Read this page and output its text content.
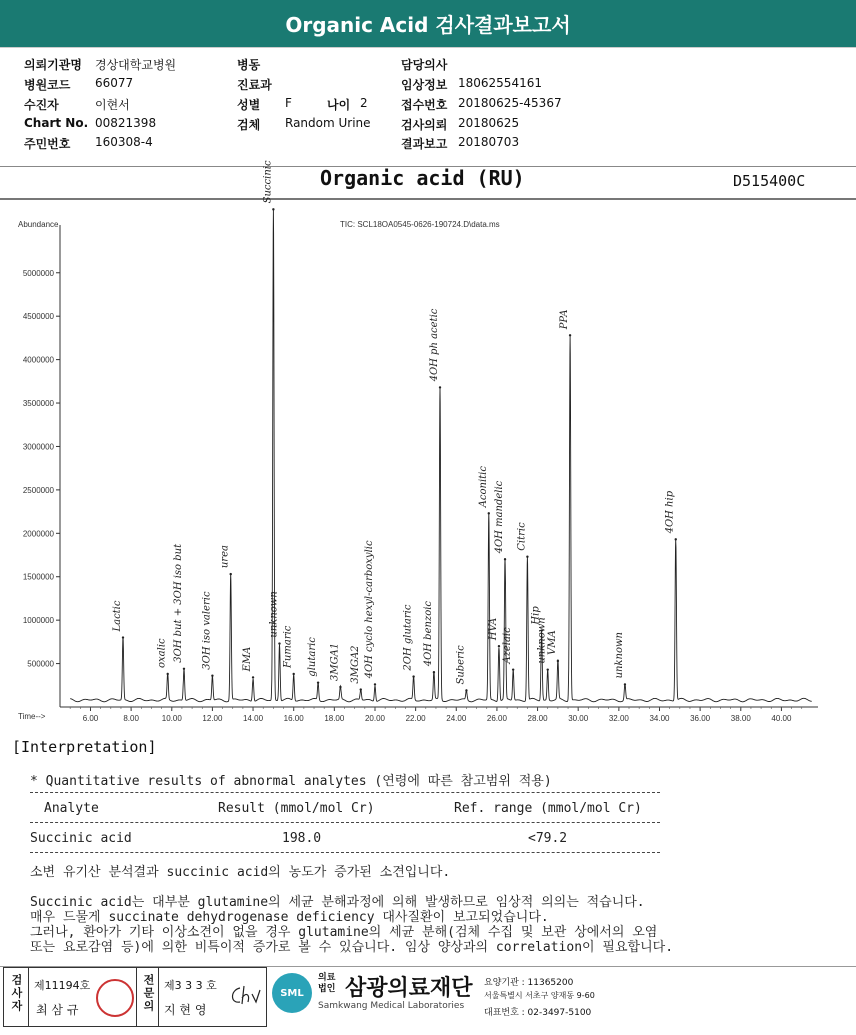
Organic Acid 검사결과보고서
의뢰기관명 경상대학교병원
병원코드 66077
수진자	이현서
Chart No. 00821398
주민번호 160308-4
병동
진료과
성별 F	나이 2
검체 Random Urine
담당의사
임상정보 18062554161
접수번호 20180625-45367
검사의뢰 20180625
결과보고 20180703
Organic acid (RU)	D515400C
Abundance	TIC: SCL18OA0545-0626-190724.D\data.ms
Time-->
500000
1000000
1500000
2000000
2500000
3000000
3500000
4000000
4500000
5000000
6.00	8.00	10.00	12.00	14.00	16.00	18.00	20.00	22.00	24.00	26.00	28.00	30.00	32.00	34.00	36.00	38.00	40.00
Lactic
oxalic 3OH but + 3OH iso but 3OH iso valeric
urea
EMA
Succinic
unknown
Fumaric glutaric 3MGA1 3MGA2 4OH cyclo hexyl-carboxylic	2OH glutaric 4OH benzoic
4OH ph acetic
Suberic
Aconitic
HVA
4OH mandelic
Azelaic
Citric
Hip
unknown VMA
PPA
unknown
4OH hip
[Interpretation]
* Quantitative results of abnormal analytes (연령에 따른 참고범위 적용)
Analyte	Result (mmol/mol Cr)	Ref. range (mmol/mol Cr)
Succinic acid	198.0	<79.2
소변 유기산 분석결과 succinic acid의 농도가 증가된 소견입니다.
Succinic acid는 대부분 glutamine의 세균 분해과정에 의해 발생하므로 임상적 의의는 적습니다.
매우 드물게 succinate dehydrogenase deficiency 대사질환이 보고되었습니다.
그러나, 환아가 기타 이상소견이 없을 경우 glutamine의 세균 분해(검체 수집 및 보관 상에서의 오염
또는 요로감염 등)에 의한 비특이적 증가로 볼 수 있습니다. 임상 양상과의 correlation이 필요합니다.
검사자 제11194호
최 삼 규	전문의 제3 3 3 호
지 현 영
SML
의료법인 삼광의료재단
Samkwang Medical Laboratories
요양기관 : 11365200
서울특별시 서초구 양재동 9-60
대표번호 : 02-3497-5100
